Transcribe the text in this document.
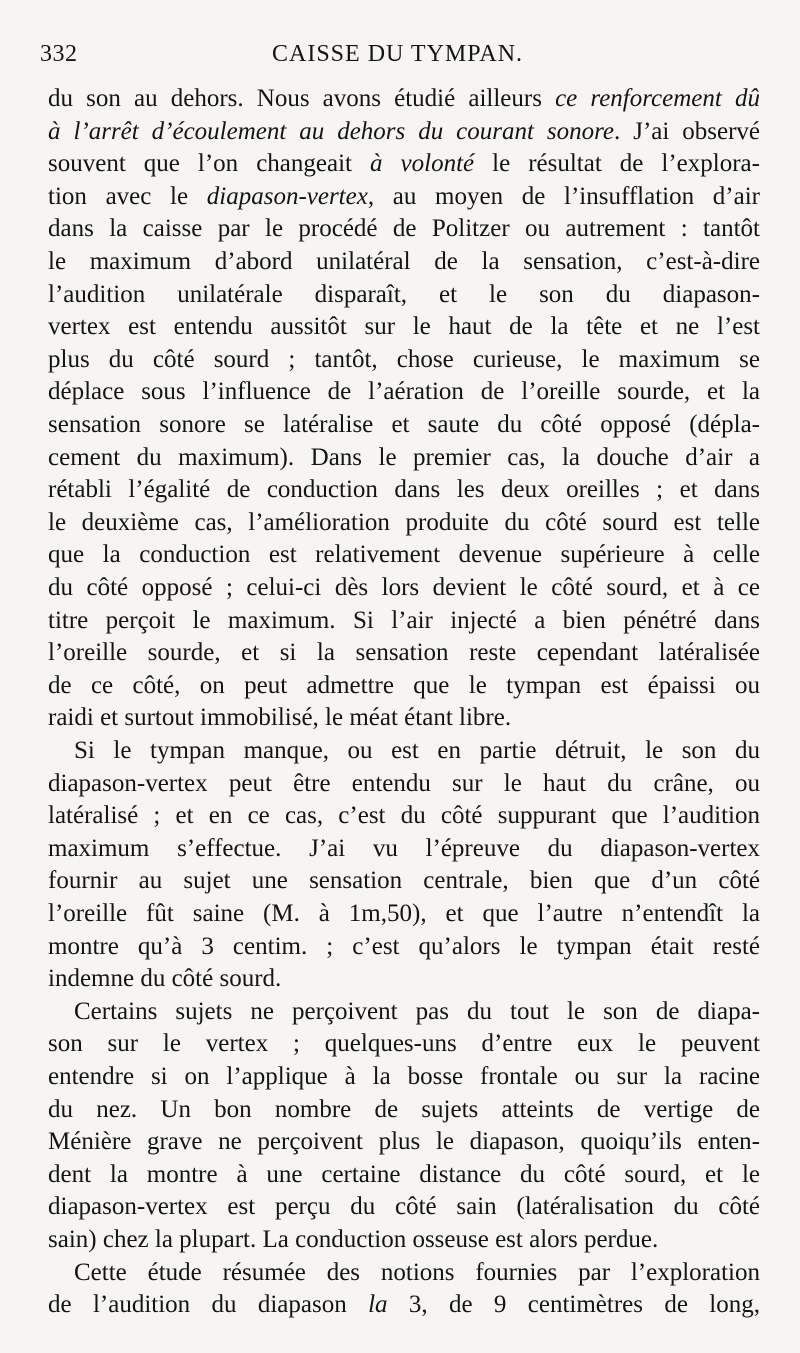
332	CAISSE DU TYMPAN.
du son au dehors. Nous avons étudié ailleurs ce renforcement dû
à l’arrêt d’écoulement au dehors du courant sonore. J’ai observé
souvent que l’on changeait à volonté le résultat de l’explora-
tion avec le diapason-vertex, au moyen de l’insufflation d’air
dans la caisse par le procédé de Politzer ou autrement : tantôt
le maximum d’abord unilatéral de la sensation, c’est-à-dire
l’audition unilatérale disparaît, et le son du diapason-
vertex est entendu aussitôt sur le haut de la tête et ne l’est
plus du côté sourd ; tantôt, chose curieuse, le maximum se
déplace sous l’influence de l’aération de l’oreille sourde, et la
sensation sonore se latéralise et saute du côté opposé (dépla-
cement du maximum). Dans le premier cas, la douche d’air a
rétabli l’égalité de conduction dans les deux oreilles ; et dans
le deuxième cas, l’amélioration produite du côté sourd est telle
que la conduction est relativement devenue supérieure à celle
du côté opposé ; celui-ci dès lors devient le côté sourd, et à ce
titre perçoit le maximum. Si l’air injecté a bien pénétré dans
l’oreille sourde, et si la sensation reste cependant latéralisée
de ce côté, on peut admettre que le tympan est épaissi ou
raidi et surtout immobilisé, le méat étant libre.
Si le tympan manque, ou est en partie détruit, le son du
diapason-vertex peut être entendu sur le haut du crâne, ou
latéralisé ; et en ce cas, c’est du côté suppurant que l’audition
maximum s’effectue. J’ai vu l’épreuve du diapason-vertex
fournir au sujet une sensation centrale, bien que d’un côté
l’oreille fût saine (M. à 1m,50), et que l’autre n’entendît la
montre qu’à 3 centim. ; c’est qu’alors le tympan était resté
indemne du côté sourd.
Certains sujets ne perçoivent pas du tout le son de diapa-
son sur le vertex ; quelques-uns d’entre eux le peuvent
entendre si on l’applique à la bosse frontale ou sur la racine
du nez. Un bon nombre de sujets atteints de vertige de
Ménière grave ne perçoivent plus le diapason, quoiqu’ils enten-
dent la montre à une certaine distance du côté sourd, et le
diapason-vertex est perçu du côté sain (latéralisation du côté
sain) chez la plupart. La conduction osseuse est alors perdue.
Cette étude résumée des notions fournies par l’exploration
de l’audition du diapason la 3, de 9 centimètres de long,
